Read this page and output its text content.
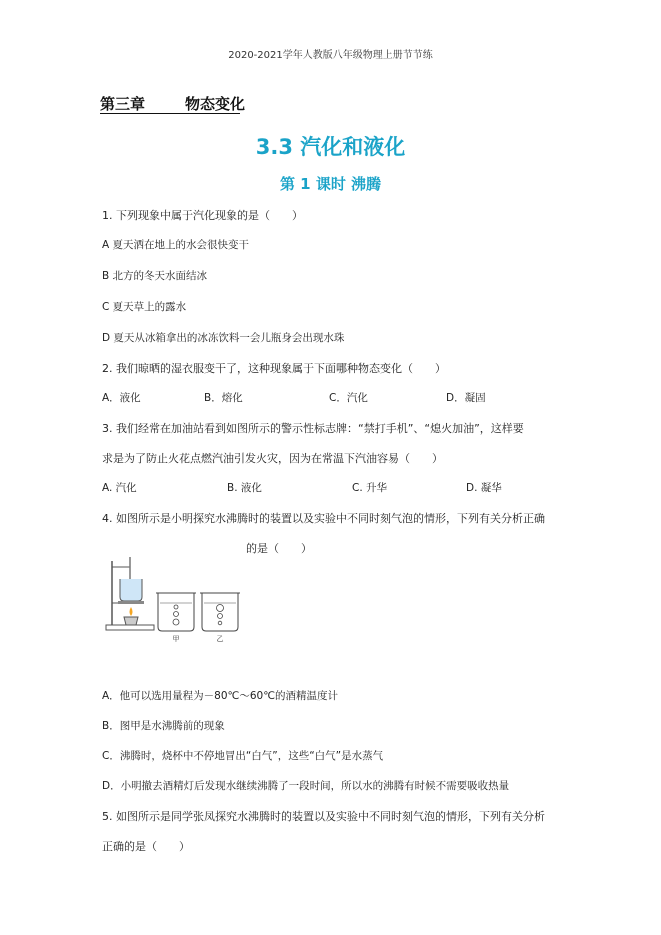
2020-2021学年人教版八年级物理上册节节练
第三章	物态变化
3.3 汽化和液化
第 1 课时 沸腾
1. 下列现象中属于汽化现象的是（　　）
A 夏天洒在地上的水会很快变干
B 北方的冬天水面结冰
C 夏天草上的露水
D 夏天从冰箱拿出的冰冻饮料一会儿瓶身会出现水珠
2. 我们晾晒的湿衣服变干了，这种现象属于下面哪种物态变化（　　）
A．液化	B．熔化	C．汽化	D．凝固
3. 我们经常在加油站看到如图所示的警示性标志牌：“禁打手机”、“熄火加油”，这样要
求是为了防止火花点燃汽油引发火灾，因为在常温下汽油容易（　　）
A. 汽化	B. 液化	C. 升华	D. 凝华
4. 如图所示是小明探究水沸腾时的装置以及实验中不同时刻气泡的情形，下列有关分析正确
的是（　　）
甲	乙
A．他可以选用量程为－80℃～60℃的酒精温度计
B．图甲是水沸腾前的现象
C．沸腾时，烧杯中不停地冒出“白气”，这些“白气”是水蒸气
D．小明撤去酒精灯后发现水继续沸腾了一段时间，所以水的沸腾有时候不需要吸收热量
5. 如图所示是同学张凤探究水沸腾时的装置以及实验中不同时刻气泡的情形，下列有关分析
正确的是（　　）
